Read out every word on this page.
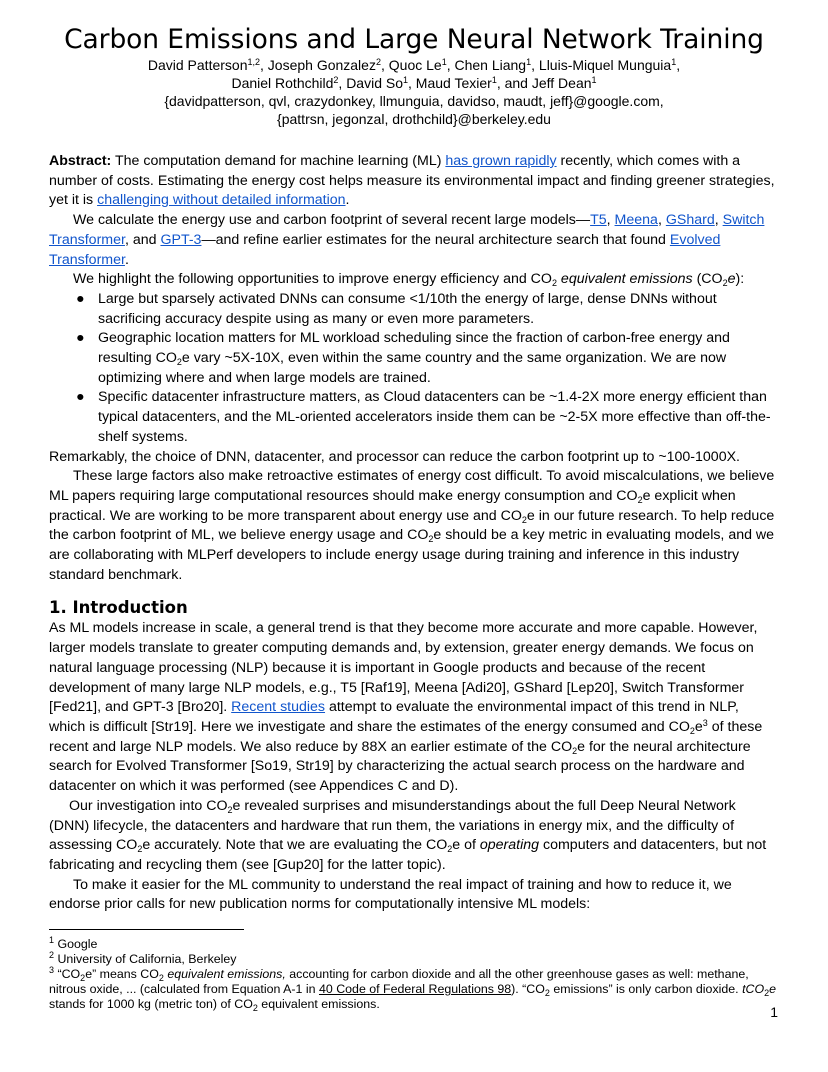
Carbon Emissions and Large Neural Network Training
David Patterson$^{1,2}$, Joseph Gonzalez$^2$, Quoc Le$^1$, Chen Liang$^1$, Lluis-Miquel Munguia$^1$,
Daniel Rothchild$^2$, David So$^1$, Maud Texier$^1$, and Jeff Dean$^1$
{davidpatterson, qvl, crazydonkey, llmunguia, davidso, maudt, jeff}@google.com,
{pattrsn, jegonzal, drothchild}@berkeley.edu

Abstract: The computation demand for machine learning (ML) has grown rapidly recently, which comes with a number of costs. Estimating the energy cost helps measure its environmental impact and finding greener strategies, yet it is challenging without detailed information.

We calculate the energy use and carbon footprint of several recent large models—T5, Meena, GShard, Switch Transformer, and GPT-3—and refine earlier estimates for the neural architecture search that found Evolved Transformer.

We highlight the following opportunities to improve energy efficiency and $CO_2$ equivalent emissions $(CO_2e)$:

● Large but sparsely activated DNNs can consume <1/10th the energy of large, dense DNNs without sacrificing accuracy despite using as many or even more parameters.
● Geographic location matters for ML workload scheduling since the fraction of carbon-free energy and resulting $CO_2e$ vary ~5X-10X, even within the same country and the same organization. We are now optimizing where and when large models are trained.
● Specific datacenter infrastructure matters, as Cloud datacenters can be ~1.4-2X more energy efficient than typical datacenters, and the ML-oriented accelerators inside them can be ~2-5X more effective than off-the-shelf systems.

Remarkably, the choice of DNN, datacenter, and processor can reduce the carbon footprint up to ~100-1000X.

These large factors also make retroactive estimates of energy cost difficult. To avoid miscalculations, we believe ML papers requiring large computational resources should make energy consumption and $CO_2e$ explicit when practical. We are working to be more transparent about energy use and $CO_2e$ in our future research. To help reduce the carbon footprint of ML, we believe energy usage and $CO_2e$ should be a key metric in evaluating models, and we are collaborating with MLPerf developers to include energy usage during training and inference in this industry standard benchmark.

1. Introduction

As ML models increase in scale, a general trend is that they become more accurate and more capable. However, larger models translate to greater computing demands and, by extension, greater energy demands. We focus on natural language processing (NLP) because it is important in Google products and because of the recent development of many large NLP models, e.g., T5 [Raf19], Meena [Adi20], GShard [Lep20], Switch Transformer [Fed21], and GPT-3 [Bro20]. Recent studies attempt to evaluate the environmental impact of this trend in NLP, which is difficult [Str19]. Here we investigate and share the estimates of the energy consumed and $CO_2e^3$ of these recent and large NLP models. We also reduce by 88X an earlier estimate of the $CO_2e$ for the neural architecture search for Evolved Transformer [So19, Str19] by characterizing the actual search process on the hardware and datacenter on which it was performed (see Appendices C and D).

Our investigation into $CO_2e$ revealed surprises and misunderstandings about the full Deep Neural Network (DNN) lifecycle, the datacenters and hardware that run them, the variations in energy mix, and the difficulty of assessing $CO_2e$ accurately. Note that we are evaluating the $CO_2e$ of operating computers and datacenters, but not fabricating and recycling them (see [Gup20] for the latter topic).

To make it easier for the ML community to understand the real impact of training and how to reduce it, we endorse prior calls for new publication norms for computationally intensive ML models:

$^1$ Google
$^2$ University of California, Berkeley
$^3$ “$CO_2e$” means $CO_2$ equivalent emissions, accounting for carbon dioxide and all the other greenhouse gases as well: methane, nitrous oxide, ... (calculated from Equation A-1 in 40 Code of Federal Regulations 98). “$CO_2$ emissions” is only carbon dioxide. tCO$_2$e stands for 1000 kg (metric ton) of $CO_2$ equivalent emissions.	1
